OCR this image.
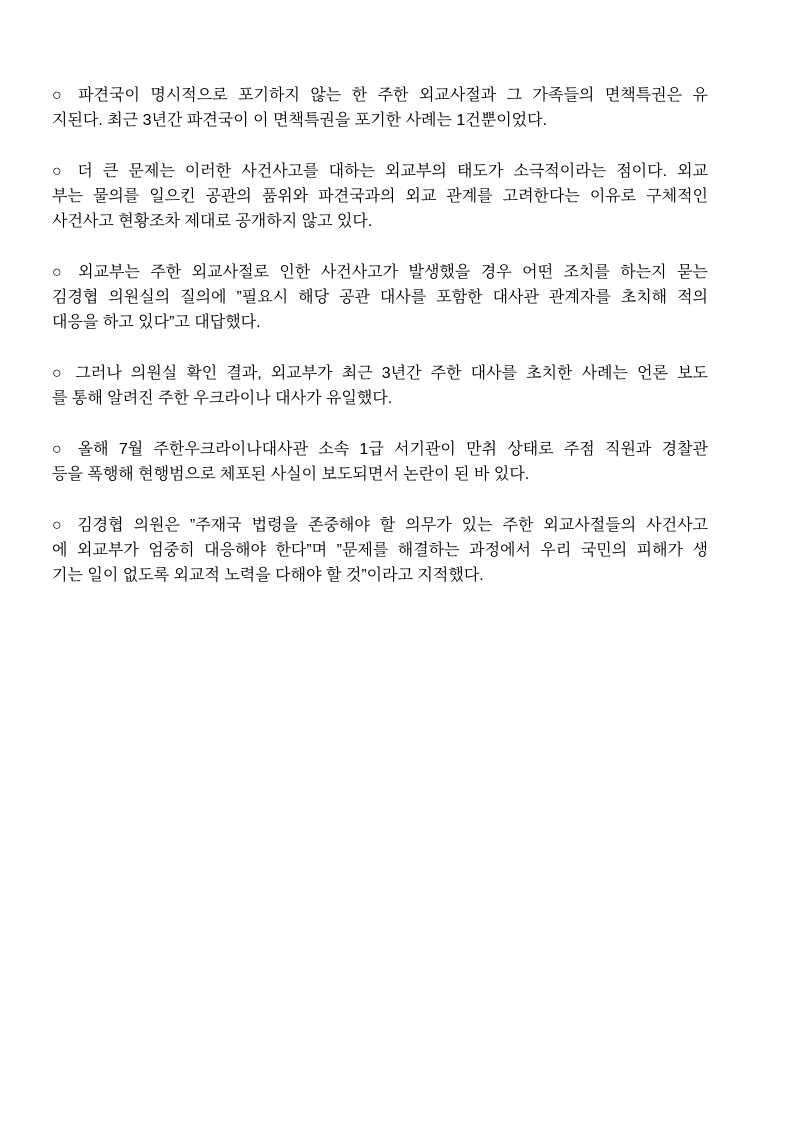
○ 파견국이 명시적으로 포기하지 않는 한 주한 외교사절과 그 가족들의 면책특권은 유
지된다. 최근 3년간 파견국이 이 면책특권을 포기한 사례는 1건뿐이었다.
○ 더 큰 문제는 이러한 사건사고를 대하는 외교부의 태도가 소극적이라는 점이다. 외교
부는 물의를 일으킨 공관의 품위와 파견국과의 외교 관계를 고려한다는 이유로 구체적인
사건사고 현황조차 제대로 공개하지 않고 있다.
○ 외교부는 주한 외교사절로 인한 사건사고가 발생했을 경우 어떤 조치를 하는지 묻는
김경협 의원실의 질의에 ”필요시 해당 공관 대사를 포함한 대사관 관계자를 초치해 적의
대응을 하고 있다”고 대답했다.
○ 그러나 의원실 확인 결과, 외교부가 최근 3년간 주한 대사를 초치한 사례는 언론 보도
를 통해 알려진 주한 우크라이나 대사가 유일했다.
○ 올해 7월 주한우크라이나대사관 소속 1급 서기관이 만취 상태로 주점 직원과 경찰관
등을 폭행해 현행범으로 체포된 사실이 보도되면서 논란이 된 바 있다.
○ 김경협 의원은 ”주재국 법령을 존중해야 할 의무가 있는 주한 외교사절들의 사건사고
에 외교부가 엄중히 대응해야 한다”며 ”문제를 해결하는 과정에서 우리 국민의 피해가 생
기는 일이 없도록 외교적 노력을 다해야 할 것”이라고 지적했다.
